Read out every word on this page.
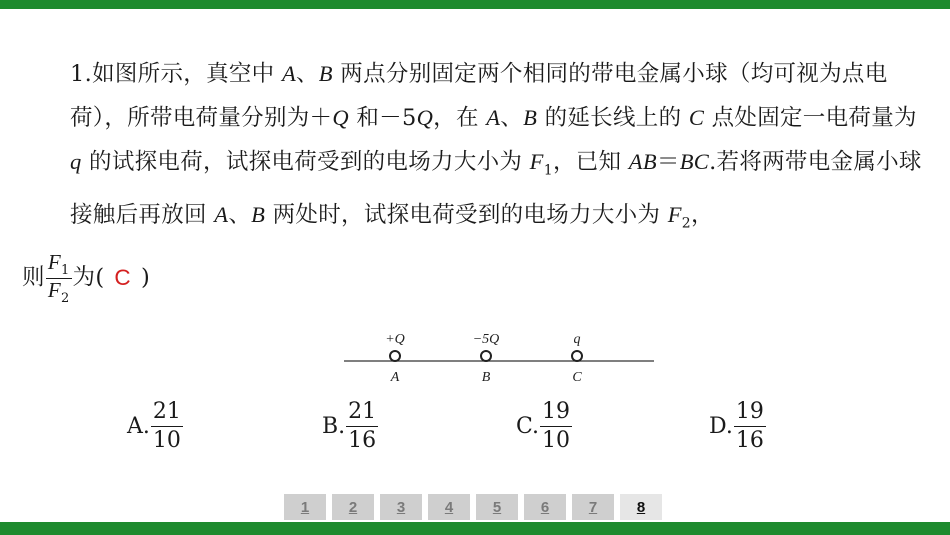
1.如图所示，真空中 A、B 两点分别固定两个相同的带电金属小球（均可视为点电荷），所带电荷量分别为＋Q 和－5Q，在 A、B 的延长线上的 C 点处固定一电荷量为 q 的试探电荷，试探电荷受到的电场力大小为 $F_1$，已知 AB＝BC.若将两带电金属小球接触后再放回 A、B 两处时，试探电荷受到的电场力大小为 $F_2$，

则 $\frac{F_1}{F_2}$ 为( C )

+Q	−5Q	q
A	B	C
A. $\frac{21}{10}$	B. $\frac{21}{16}$	C. $\frac{19}{10}$	D. $\frac{19}{16}$
1	2	3	4	5	6	7	8
